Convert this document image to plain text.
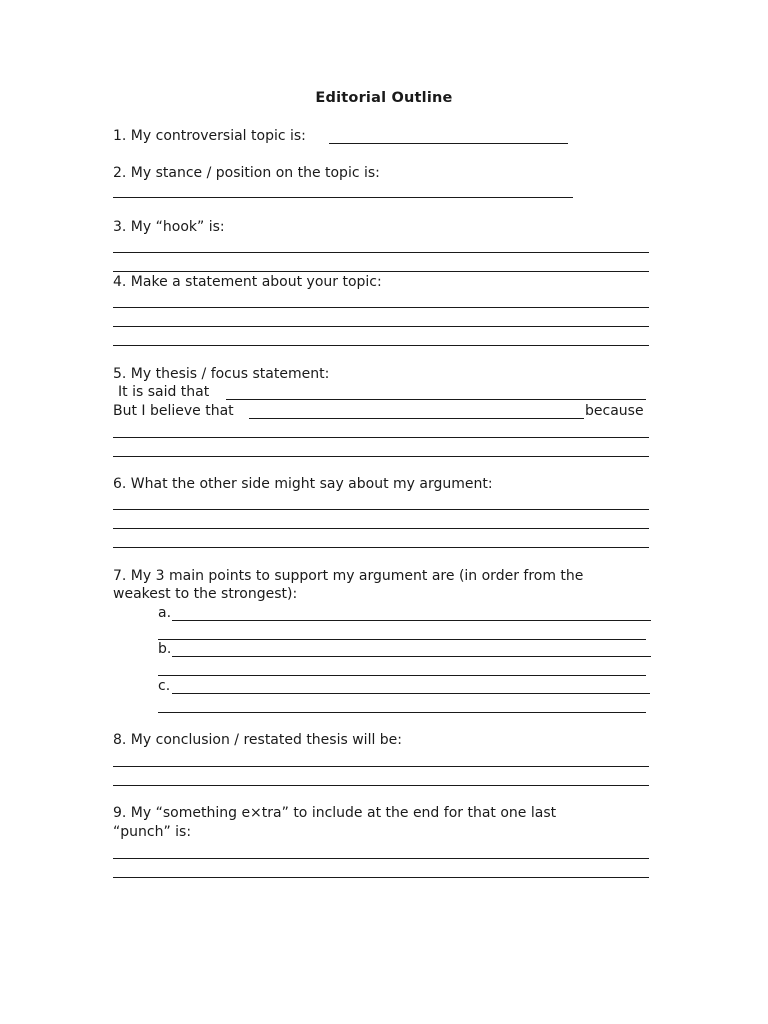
Editorial Outline
1. My controversial topic is:
2. My stance / position on the topic is:
3. My “hook” is:
4. Make a statement about your topic:
5. My thesis / focus statement:
It is said that
But I believe that	because
6. What the other side might say about my argument:
7. My 3 main points to support my argument are (in order from the
weakest to the strongest):
a.
b.
c.
8. My conclusion / restated thesis will be:
9. My “something e×tra” to include at the end for that one last
“punch” is:
